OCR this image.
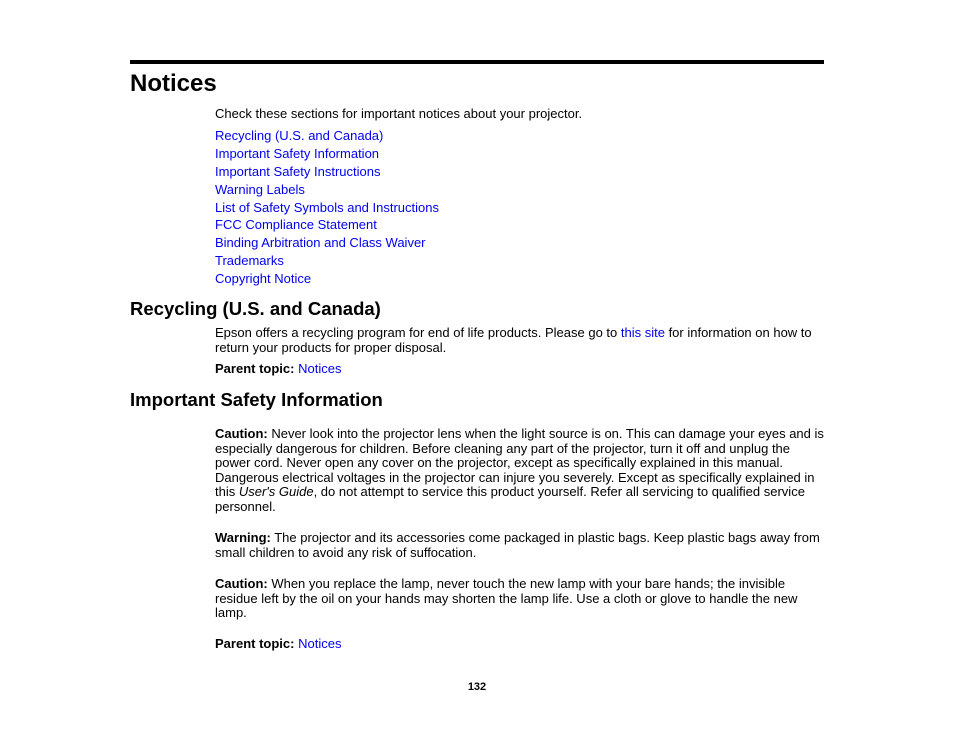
Notices

Check these sections for important notices about your projector.

Recycling (U.S. and Canada)
Important Safety Information
Important Safety Instructions
Warning Labels
List of Safety Symbols and Instructions
FCC Compliance Statement
Binding Arbitration and Class Waiver
Trademarks
Copyright Notice
Recycling (U.S. and Canada)

Epson offers a recycling program for end of life products. Please go to this site for information on how to return your products for proper disposal.

Parent topic: Notices

Important Safety Information

Caution: Never look into the projector lens when the light source is on. This can damage your eyes and is especially dangerous for children. Before cleaning any part of the projector, turn it off and unplug the power cord. Never open any cover on the projector, except as specifically explained in this manual. Dangerous electrical voltages in the projector can injure you severely. Except as specifically explained in this User's Guide, do not attempt to service this product yourself. Refer all servicing to qualified service personnel.

Warning: The projector and its accessories come packaged in plastic bags. Keep plastic bags away from small children to avoid any risk of suffocation.

Caution: When you replace the lamp, never touch the new lamp with your bare hands; the invisible residue left by the oil on your hands may shorten the lamp life. Use a cloth or glove to handle the new lamp.

Parent topic: Notices

132
